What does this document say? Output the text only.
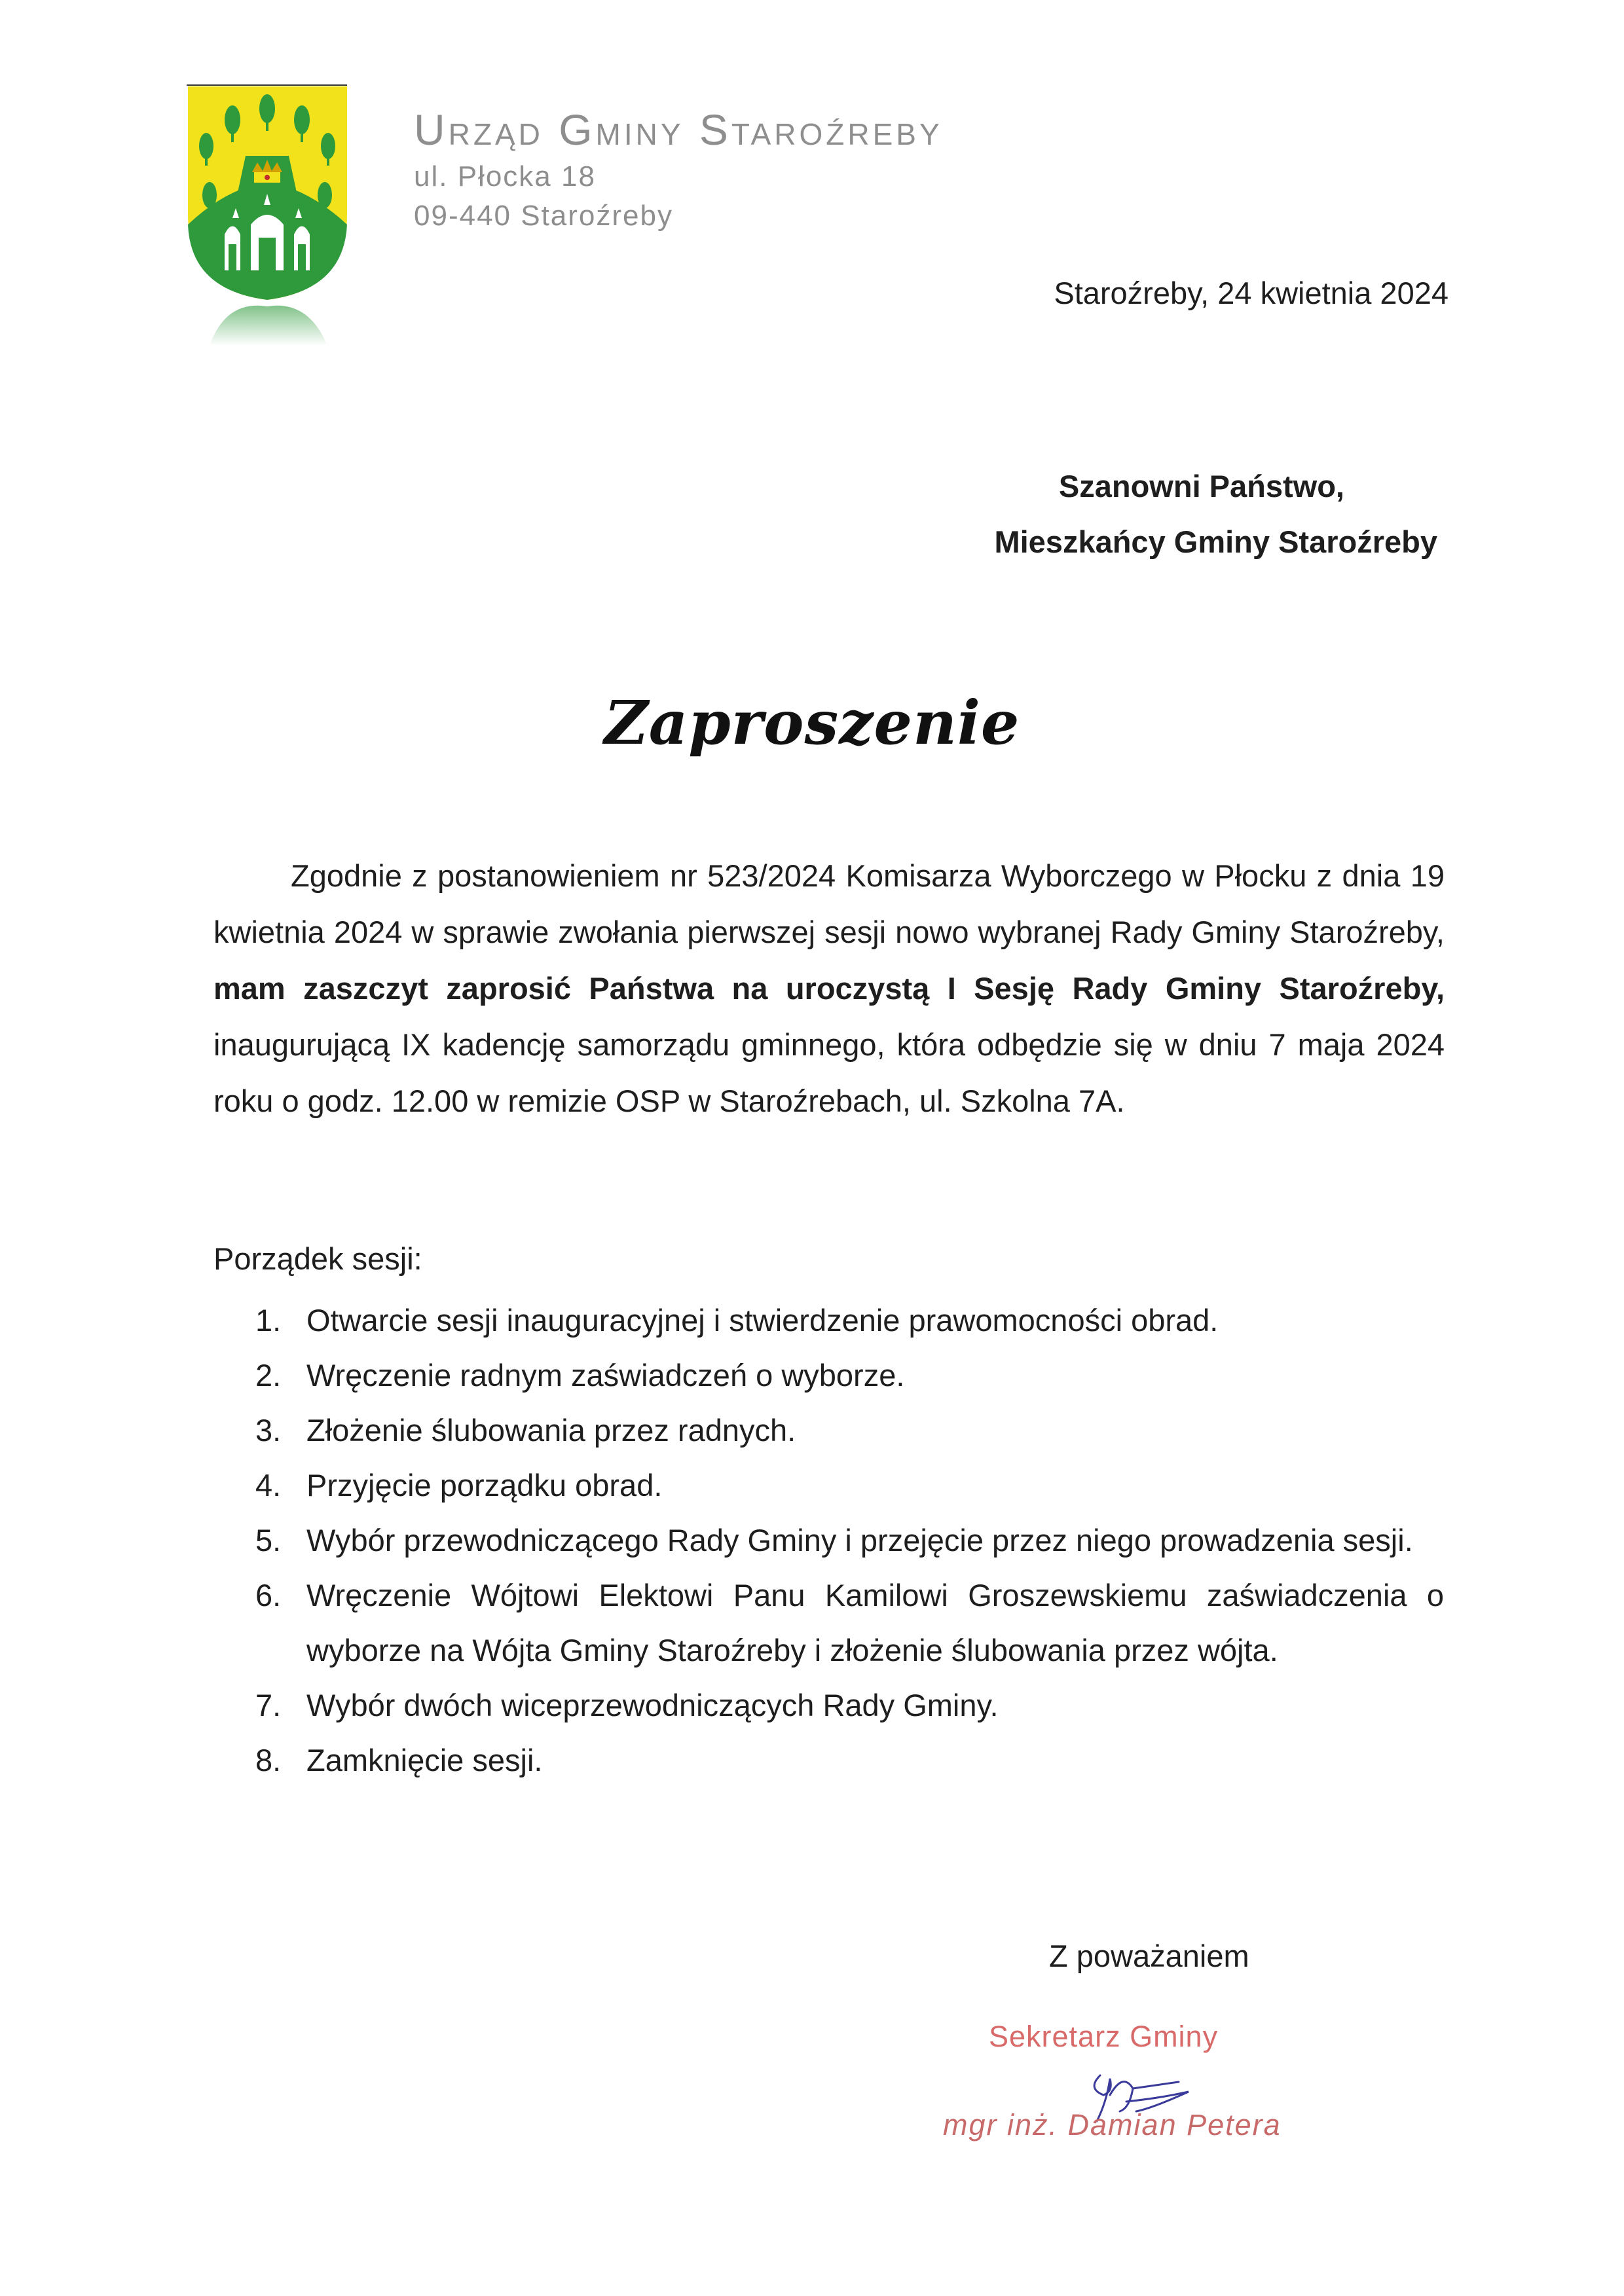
Urząd Gminy Staroźreby
ul. Płocka 18
09-440 Staroźreby
Staroźreby, 24 kwietnia 2024
Szanowni Państwo,
Mieszkańcy Gminy Staroźreby
Zaproszenie
Zgodnie z postanowieniem nr 523/2024 Komisarza Wyborczego w Płocku z dnia 19 kwietnia 2024 w sprawie zwołania pierwszej sesji nowo wybranej Rady Gminy Staroźreby, mam zaszczyt zaprosić Państwa na uroczystą I Sesję Rady Gminy Staroźreby, inaugurującą IX kadencję samorządu gminnego, która odbędzie się w dniu 7 maja 2024 roku o godz. 12.00 w remizie OSP w Staroźrebach, ul. Szkolna 7A.
Porządek sesji:
1. Otwarcie sesji inauguracyjnej i stwierdzenie prawomocności obrad.
2. Wręczenie radnym zaświadczeń o wyborze.
3. Złożenie ślubowania przez radnych.
4. Przyjęcie porządku obrad.
5. Wybór przewodniczącego Rady Gminy i przejęcie przez niego prowadzenia sesji.
6. Wręczenie Wójtowi Elektowi Panu Kamilowi Groszewskiemu zaświadczenia o wyborze na Wójta Gminy Staroźreby i złożenie ślubowania przez wójta.
7. Wybór dwóch wiceprzewodniczących Rady Gminy.
8. Zamknięcie sesji.
Z poważaniem
Sekretarz Gminy
mgr inż. Damian Petera
